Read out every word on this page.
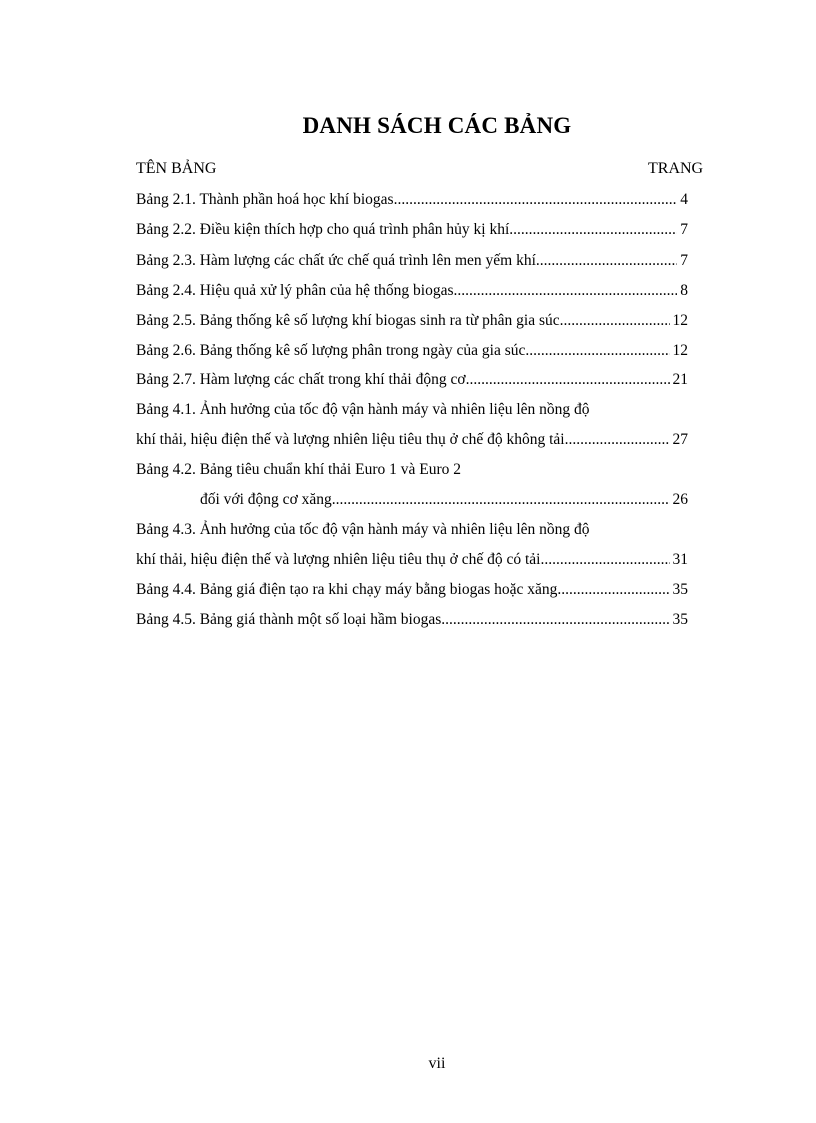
DANH SÁCH CÁC BẢNG
TÊN BẢNG	TRANG
Bảng 2.1. Thành phần hoá học khí biogas .....	4
Bảng 2.2. Điều kiện thích hợp cho quá trình phân hủy kị khí .....	7
Bảng 2.3. Hàm lượng các chất ức chế quá trình lên men yếm khí .....	7
Bảng 2.4. Hiệu quả xử lý phân của hệ thống biogas .....	8
Bảng 2.5. Bảng thống kê số lượng khí biogas sinh ra từ phân gia súc .....	12
Bảng 2.6. Bảng thống kê số lượng phân trong ngày của gia súc .....	12
Bảng 2.7. Hàm lượng các chất trong khí thải động cơ .....	21
Bảng 4.1. Ảnh hưởng của tốc độ vận hành máy và nhiên liệu lên nồng độ
khí thải, hiệu điện thế và lượng nhiên liệu tiêu thụ ở chế độ không tải .....	27
Bảng 4.2. Bảng tiêu chuẩn khí thải Euro 1 và Euro 2
đối với động cơ xăng .....	26
Bảng 4.3. Ảnh hưởng của tốc độ vận hành máy và nhiên liệu lên nồng độ
khí thải, hiệu điện thế và lượng nhiên liệu tiêu thụ ở chế độ có tải. .....	31
Bảng 4.4. Bảng giá điện tạo ra khi chạy máy bằng biogas hoặc xăng .....	35
Bảng 4.5. Bảng giá thành một số loại hầm biogas .....	35
vii
